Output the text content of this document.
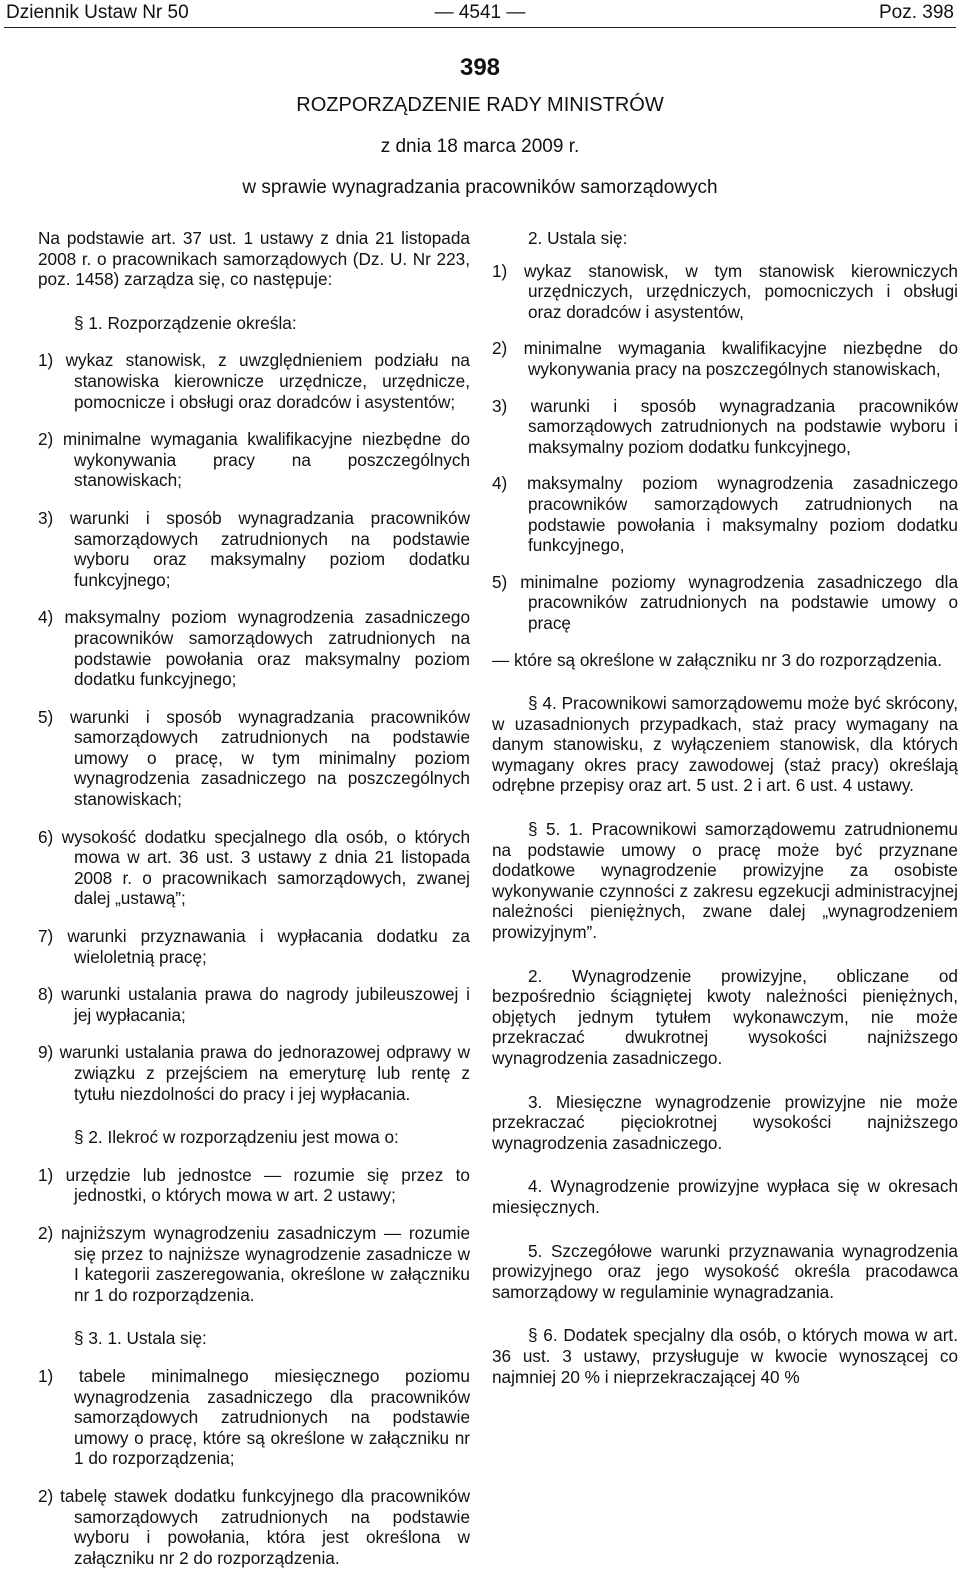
Dziennik Ustaw Nr 50	— 4541 —	Poz. 398
398
ROZPORZĄDZENIE RADY MINISTRÓW
z dnia 18 marca 2009 r.
w sprawie wynagradzania pracowników samorządowych

Na podstawie art. 37 ust. 1 ustawy z dnia 21 listopada 2008 r. o pracownikach samorządowych (Dz. U. Nr 223, poz. 1458) zarządza się, co następuje:

§ 1. Rozporządzenie określa:

1) wykaz stanowisk, z uwzględnieniem podziału na stanowiska kierownicze urzędnicze, urzędnicze, pomocnicze i obsługi oraz doradców i asystentów;

2) minimalne wymagania kwalifikacyjne niezbędne do wykonywania pracy na poszczególnych stanowiskach;

3) warunki i sposób wynagradzania pracowników samorządowych zatrudnionych na podstawie wyboru oraz maksymalny poziom dodatku funkcyjnego;

4) maksymalny poziom wynagrodzenia zasadniczego pracowników samorządowych zatrudnionych na podstawie powołania oraz maksymalny poziom dodatku funkcyjnego;

5) warunki i sposób wynagradzania pracowników samorządowych zatrudnionych na podstawie umowy o pracę, w tym minimalny poziom wynagrodzenia zasadniczego na poszczególnych stanowiskach;

6) wysokość dodatku specjalnego dla osób, o których mowa w art. 36 ust. 3 ustawy z dnia 21 listopada 2008 r. o pracownikach samorządowych, zwanej dalej „ustawą”;

7) warunki przyznawania i wypłacania dodatku za wieloletnią pracę;

8) warunki ustalania prawa do nagrody jubileuszowej i jej wypłacania;

9) warunki ustalania prawa do jednorazowej odprawy w związku z przejściem na emeryturę lub rentę z tytułu niezdolności do pracy i jej wypłacania.

§ 2. Ilekroć w rozporządzeniu jest mowa o:

1) urzędzie lub jednostce — rozumie się przez to jednostki, o których mowa w art. 2 ustawy;

2) najniższym wynagrodzeniu zasadniczym — rozumie się przez to najniższe wynagrodzenie zasadnicze w I kategorii zaszeregowania, określone w załączniku nr 1 do rozporządzenia.

§ 3. 1. Ustala się:

1) tabele minimalnego miesięcznego poziomu wynagrodzenia zasadniczego dla pracowników samorządowych zatrudnionych na podstawie umowy o pracę, które są określone w załączniku nr 1 do rozporządzenia;

2) tabelę stawek dodatku funkcyjnego dla pracowników samorządowych zatrudnionych na podstawie wyboru i powołania, która jest określona w załączniku nr 2 do rozporządzenia.

2. Ustala się:

1) wykaz stanowisk, w tym stanowisk kierowniczych urzędniczych, urzędniczych, pomocniczych i obsługi oraz doradców i asystentów,

2) minimalne wymagania kwalifikacyjne niezbędne do wykonywania pracy na poszczególnych stanowiskach,

3) warunki i sposób wynagradzania pracowników samorządowych zatrudnionych na podstawie wyboru i maksymalny poziom dodatku funkcyjnego,

4) maksymalny poziom wynagrodzenia zasadniczego pracowników samorządowych zatrudnionych na podstawie powołania i maksymalny poziom dodatku funkcyjnego,

5) minimalne poziomy wynagrodzenia zasadniczego dla pracowników zatrudnionych na podstawie umowy o pracę

— które są określone w załączniku nr 3 do rozporządzenia.

§ 4. Pracownikowi samorządowemu może być skrócony, w uzasadnionych przypadkach, staż pracy wymagany na danym stanowisku, z wyłączeniem stanowisk, dla których wymagany okres pracy zawodowej (staż pracy) określają odrębne przepisy oraz art. 5 ust. 2 i art. 6 ust. 4 ustawy.

§ 5. 1. Pracownikowi samorządowemu zatrudnionemu na podstawie umowy o pracę może być przyznane dodatkowe wynagrodzenie prowizyjne za osobiste wykonywanie czynności z zakresu egzekucji administracyjnej należności pieniężnych, zwane dalej „wynagrodzeniem prowizyjnym”.

2. Wynagrodzenie prowizyjne, obliczane od bezpośrednio ściągniętej kwoty należności pieniężnych, objętych jednym tytułem wykonawczym, nie może przekraczać dwukrotnej wysokości najniższego wynagrodzenia zasadniczego.

3. Miesięczne wynagrodzenie prowizyjne nie może przekraczać pięciokrotnej wysokości najniższego wynagrodzenia zasadniczego.

4. Wynagrodzenie prowizyjne wypłaca się w okresach miesięcznych.

5. Szczegółowe warunki przyznawania wynagrodzenia prowizyjnego oraz jego wysokość określa pracodawca samorządowy w regulaminie wynagradzania.

§ 6. Dodatek specjalny dla osób, o których mowa w art. 36 ust. 3 ustawy, przysługuje w kwocie wynoszącej co najmniej 20 % i nieprzekraczającej 40 %
